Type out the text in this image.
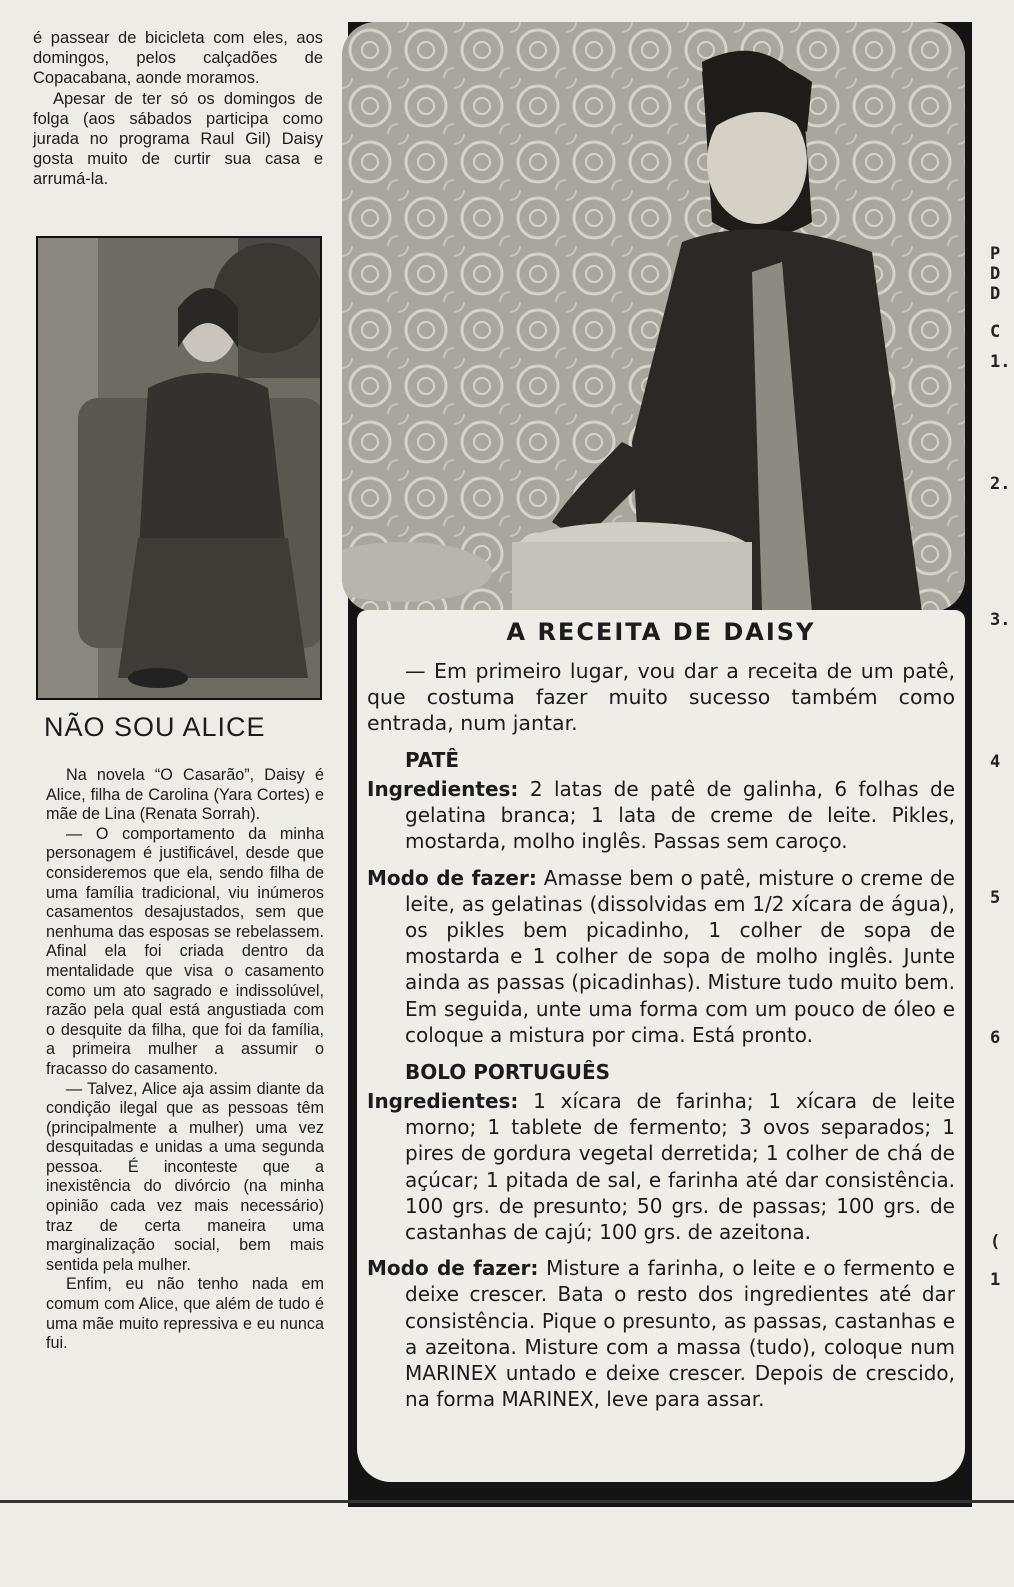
é passear de bicicleta com eles, aos domingos, pelos calçadões de Copacabana, aonde moramos.

Apesar de ter só os domingos de folga (aos sábados participa como jurada no programa Raul Gil) Daisy gosta muito de curtir sua casa e arrumá-la.

NÃO SOU ALICE

Na novela “O Casarão”, Daisy é Alice, filha de Carolina (Yara Cortes) e mãe de Lina (Renata Sorrah).

— O comportamento da minha personagem é justificável, desde que consideremos que ela, sendo filha de uma família tradicional, viu inúmeros casamentos desajustados, sem que nenhuma das esposas se rebelassem. Afinal ela foi criada dentro da mentalidade que visa o casamento como um ato sagrado e indissolúvel, razão pela qual está angustiada com o desquite da filha, que foi da família, a primeira mulher a assumir o fracasso do casamento.

— Talvez, Alice aja assim diante da condição ilegal que as pessoas têm (principalmente a mulher) uma vez desquitadas e unidas a uma segunda pessoa. É inconteste que a inexistência do divórcio (na minha opinião cada vez mais necessário) traz de certa maneira uma marginalização social, bem mais sentida pela mulher.

Enfim, eu não tenho nada em comum com Alice, que além de tudo é uma mãe muito repressiva e eu nunca fui.

A RECEITA DE DAISY

— Em primeiro lugar, vou dar a receita de um patê, que costuma fazer muito sucesso também como entrada, num jantar.

PATÊ

Ingredientes: 2 latas de patê de galinha, 6 folhas de gelatina branca; 1 lata de creme de leite. Pikles, mostarda, molho inglês. Passas sem caroço.

Modo de fazer: Amasse bem o patê, misture o creme de leite, as gelatinas (dissolvidas em 1/2 xícara de água), os pikles bem picadinho, 1 colher de sopa de mostarda e 1 colher de sopa de molho inglês. Junte ainda as passas (picadinhas). Misture tudo muito bem. Em seguida, unte uma forma com um pouco de óleo e coloque a mistura por cima. Está pronto.

BOLO PORTUGUÊS

Ingredientes: 1 xícara de farinha; 1 xícara de leite morno; 1 tablete de fermento; 3 ovos separados; 1 pires de gordura vegetal derretida; 1 colher de chá de açúcar; 1 pitada de sal, e farinha até dar consistência. 100 grs. de presunto; 50 grs. de passas; 100 grs. de castanhas de cajú; 100 grs. de azeitona.

Modo de fazer: Misture a farinha, o leite e o fermento e deixe crescer. Bata o resto dos ingredientes até dar consistência. Pique o presunto, as passas, castanhas e a azeitona. Misture com a massa (tudo), coloque num MARINEX untado e deixe crescer. Depois de crescido, na forma MARINEX, leve para assar.

P
D
D
C
1.
2.
3.
4
5
6
(
1
